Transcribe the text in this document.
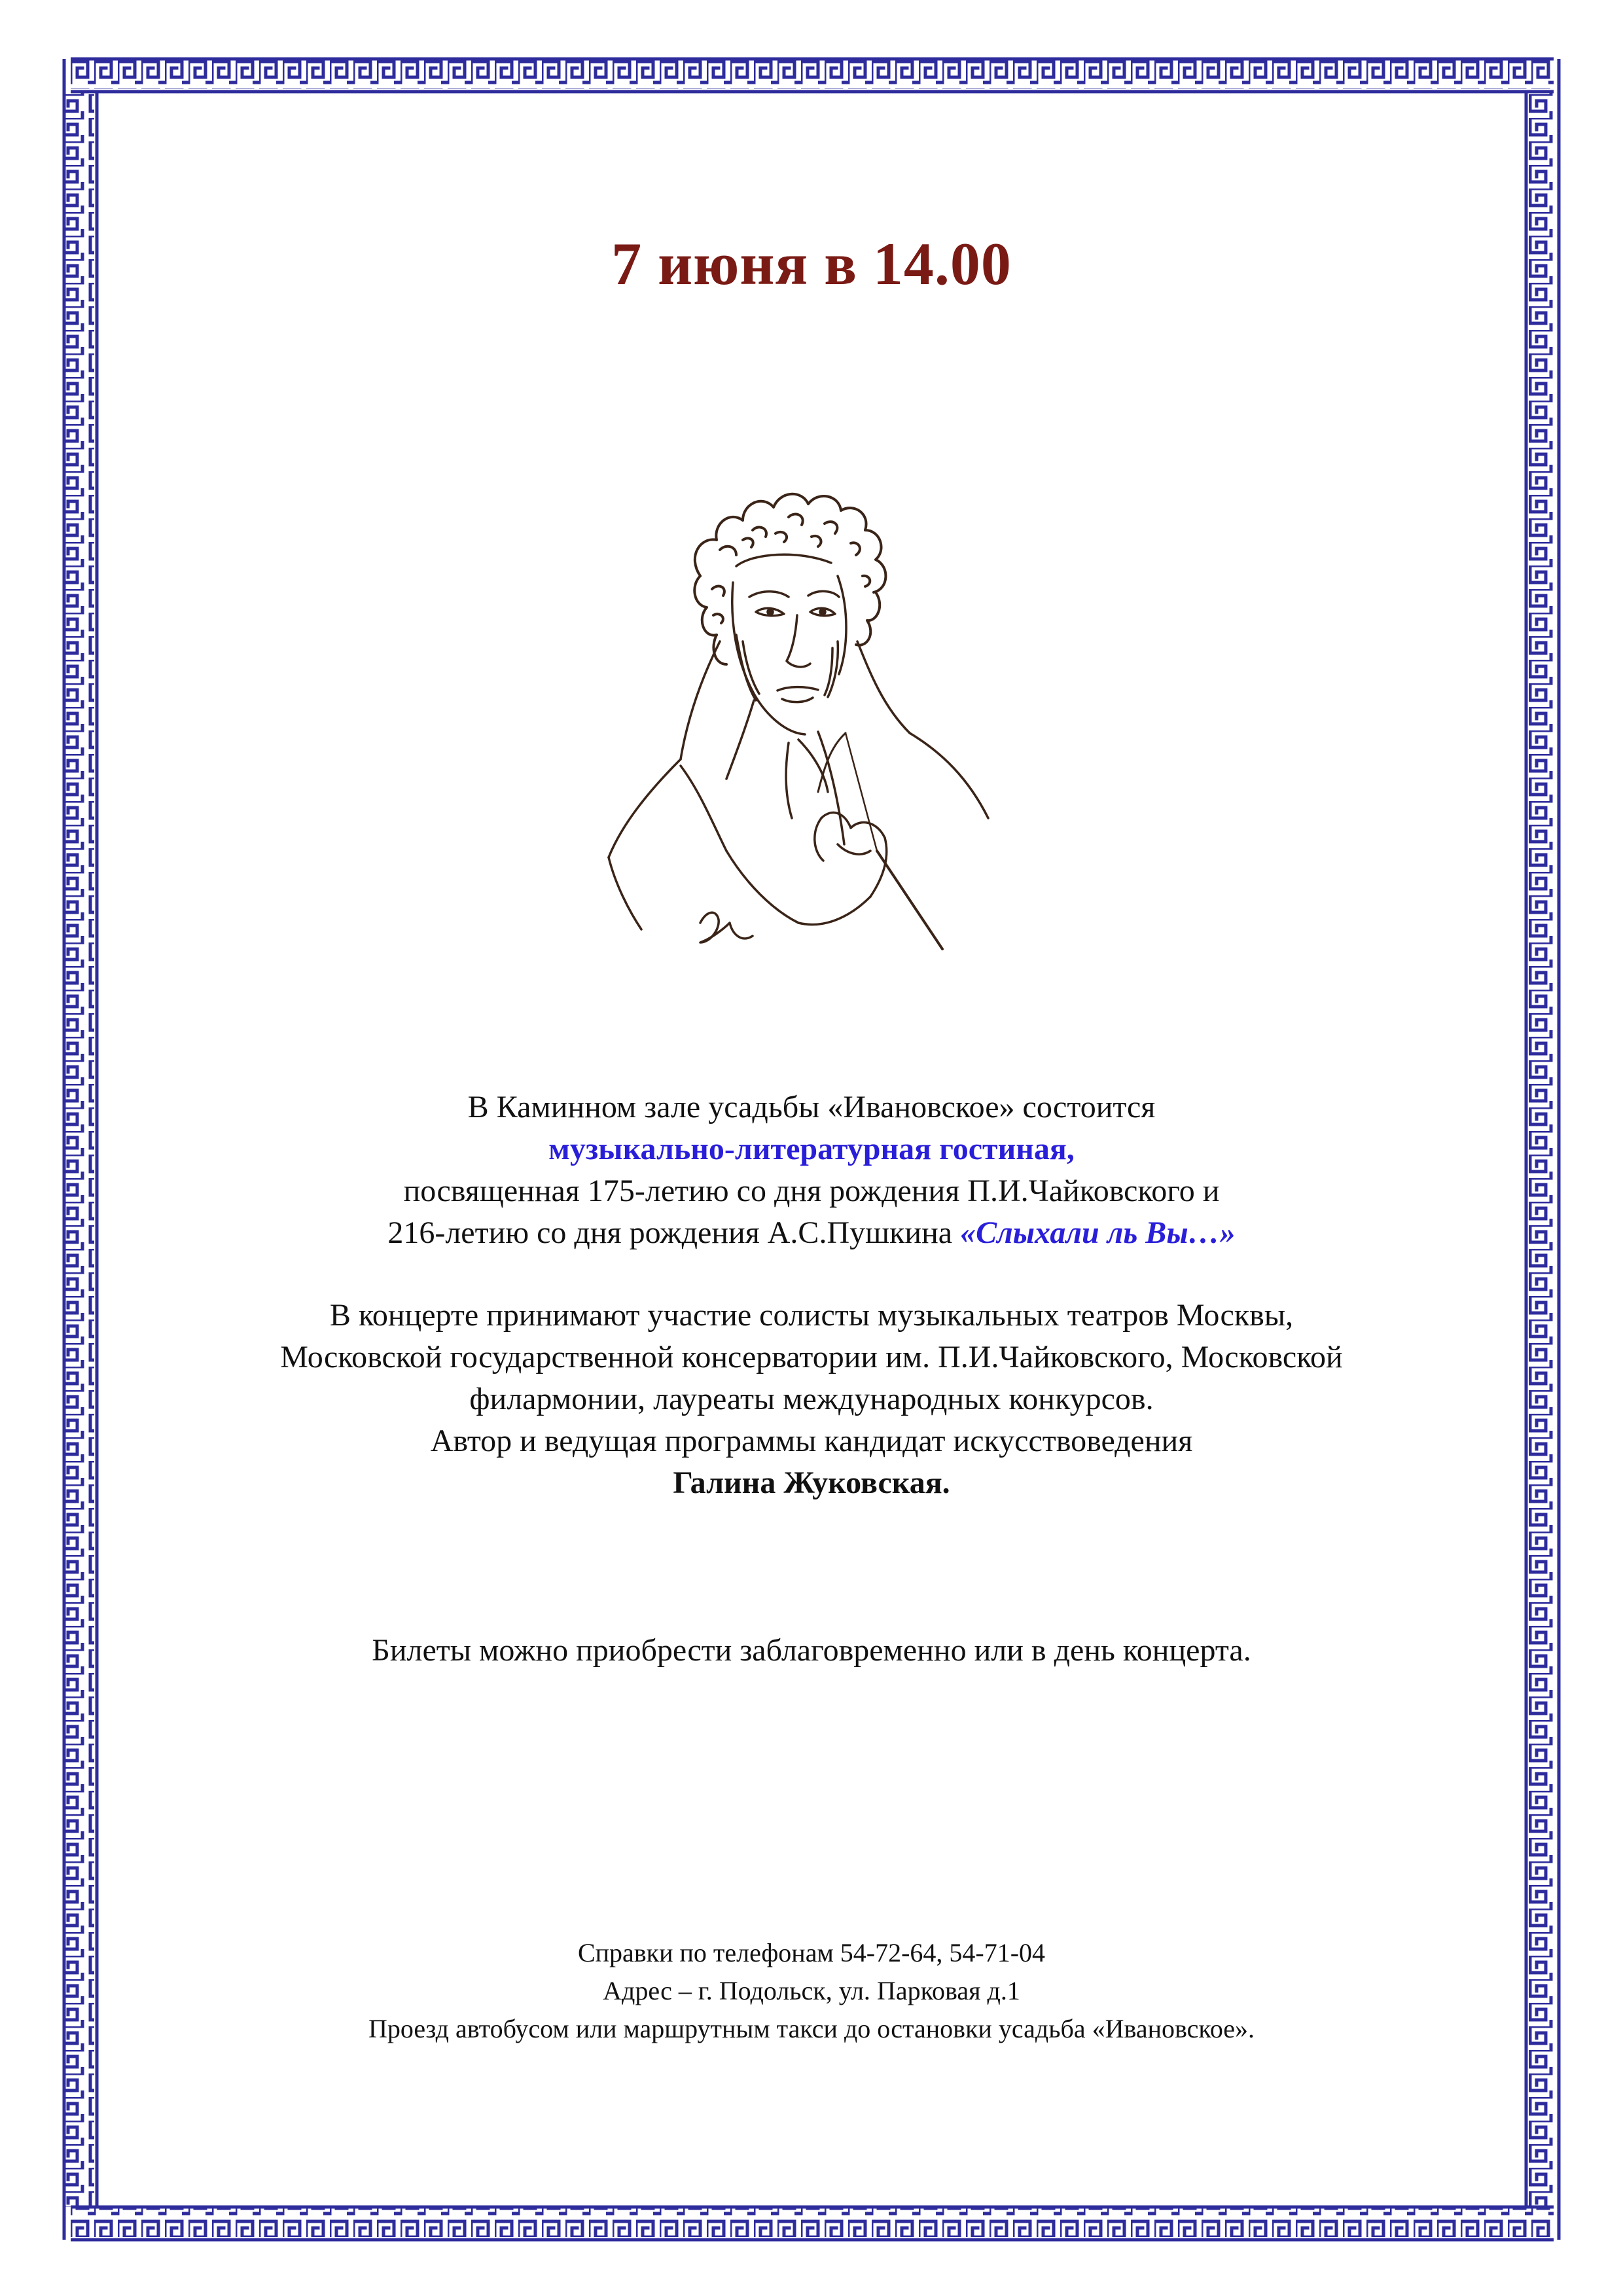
7 июня в 14.00
В Каминном зале усадьбы «Ивановское» состоится
музыкально-литературная гостиная,
посвященная 175-летию со дня рождения П.И.Чайковского и
216-летию со дня рождения А.С.Пушкина «Слыхали ль Вы…»
В концерте принимают участие солисты музыкальных театров Москвы,
Московской государственной консерватории им. П.И.Чайковского, Московской
филармонии, лауреаты международных конкурсов.
Автор и ведущая программы кандидат искусствоведения
Галина Жуковская.
Билеты можно приобрести заблаговременно или в день концерта.
Справки по телефонам 54-72-64, 54-71-04
Адрес – г. Подольск, ул. Парковая д.1
Проезд автобусом или маршрутным такси до остановки усадьба «Ивановское».
